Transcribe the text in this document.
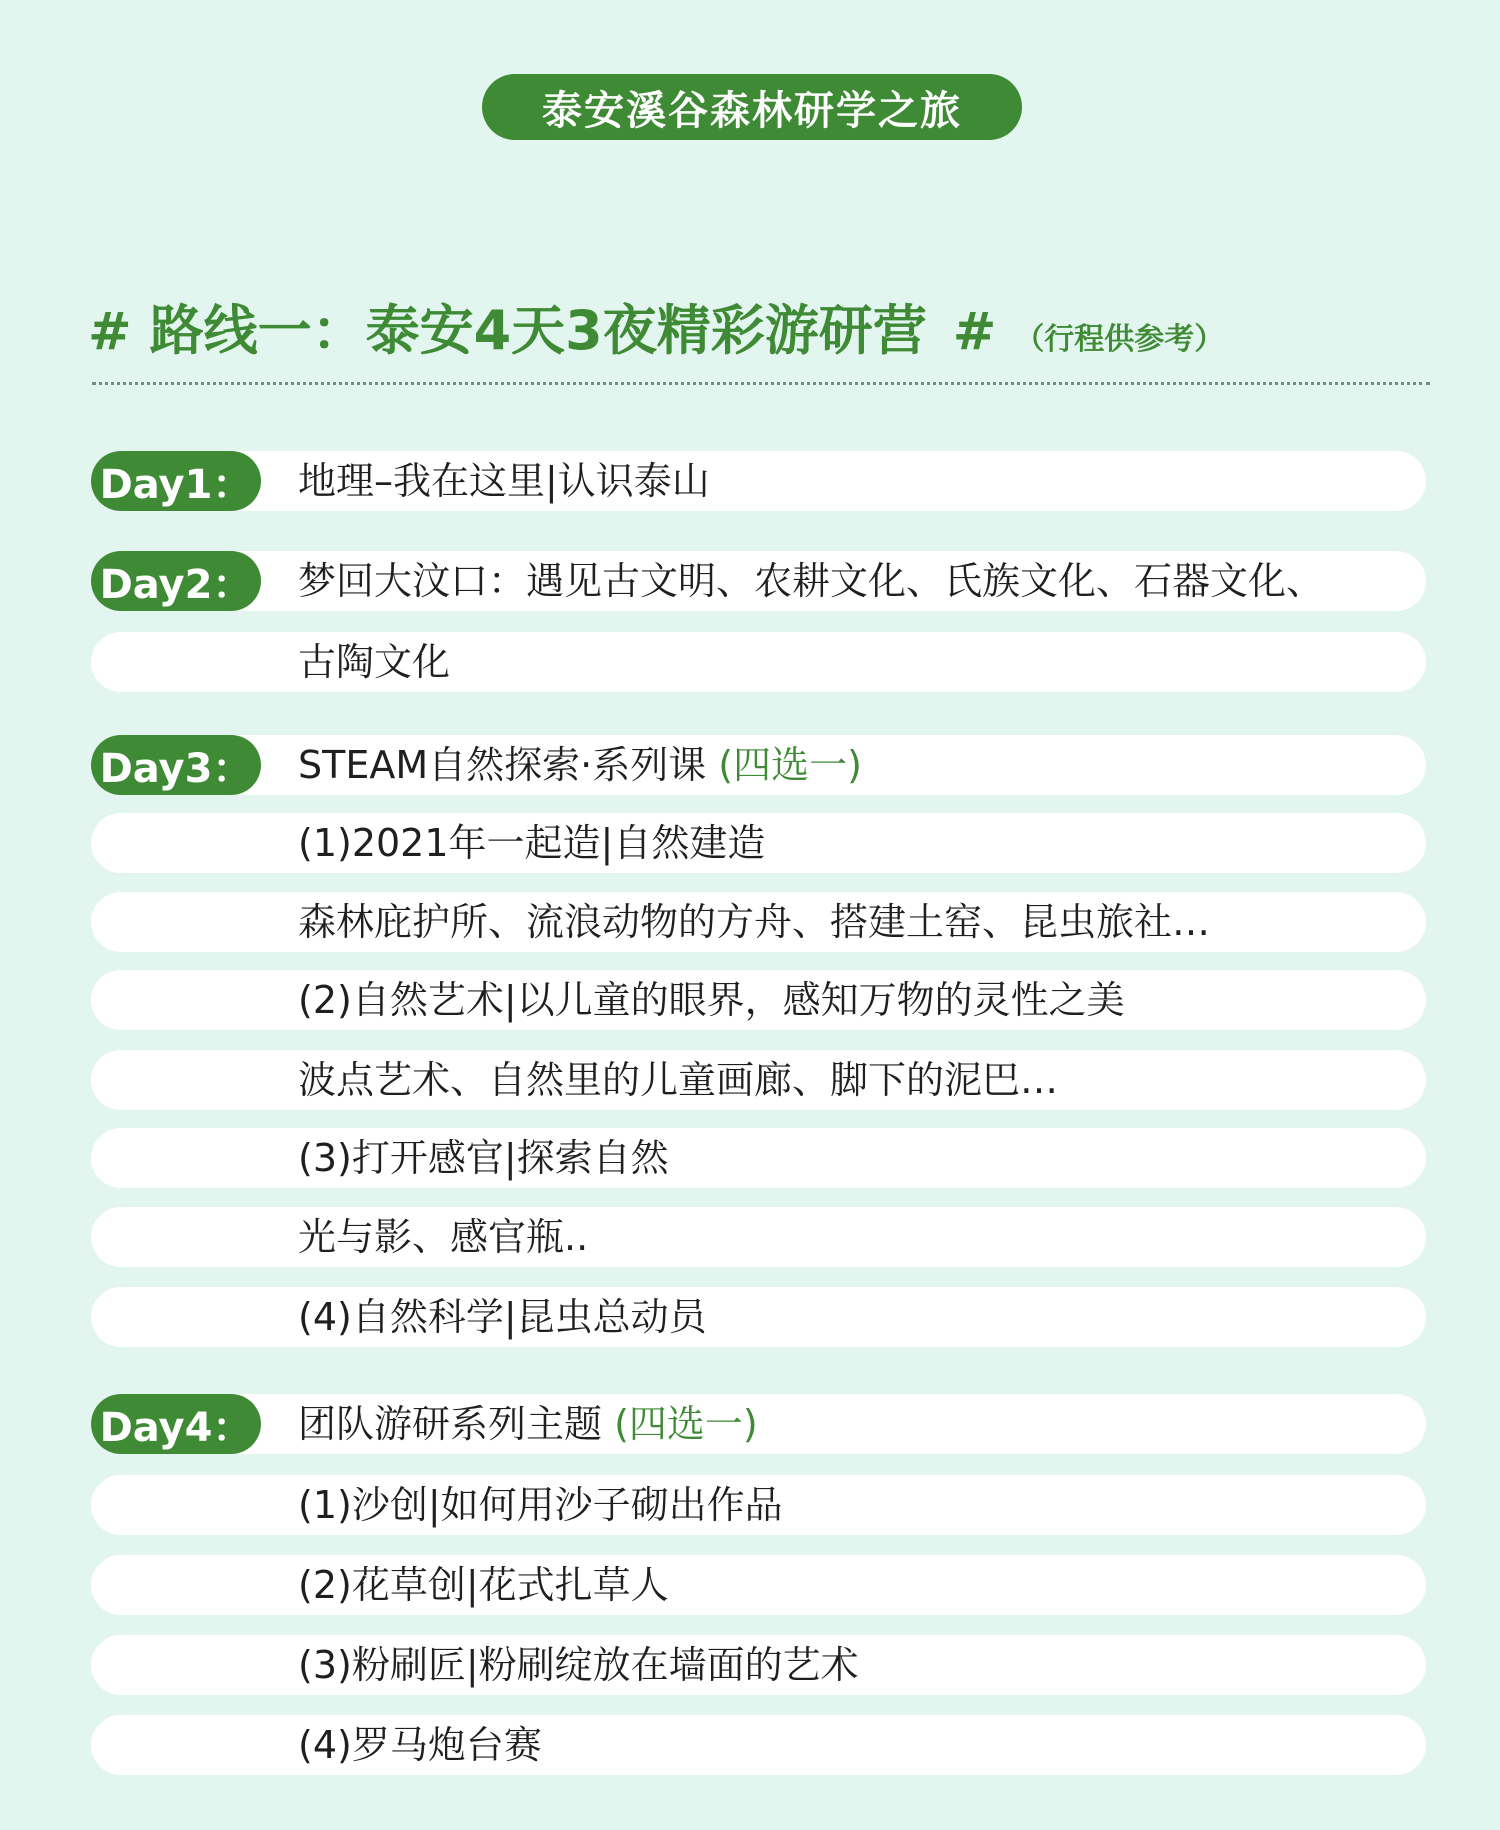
泰安溪谷森林研学之旅
# 路线一：泰安4天3夜精彩游研营 # （行程供参考）
Day1： 地理–我在这里|认识泰山
Day2： 梦回大汶口：遇见古文明、农耕文化、氏族文化、石器文化、
古陶文化
Day3： STEAM自然探索·系列课 (四选一)
(1)2021年一起造|自然建造
森林庇护所、流浪动物的方舟、搭建土窑、昆虫旅社…
(2)自然艺术|以儿童的眼界，感知万物的灵性之美
波点艺术、自然里的儿童画廊、脚下的泥巴…
(3)打开感官|探索自然
光与影、感官瓶..
(4)自然科学|昆虫总动员
Day4： 团队游研系列主题 (四选一)
(1)沙创|如何用沙子砌出作品
(2)花草创|花式扎草人
(3)粉刷匠|粉刷绽放在墙面的艺术
(4)罗马炮台赛
